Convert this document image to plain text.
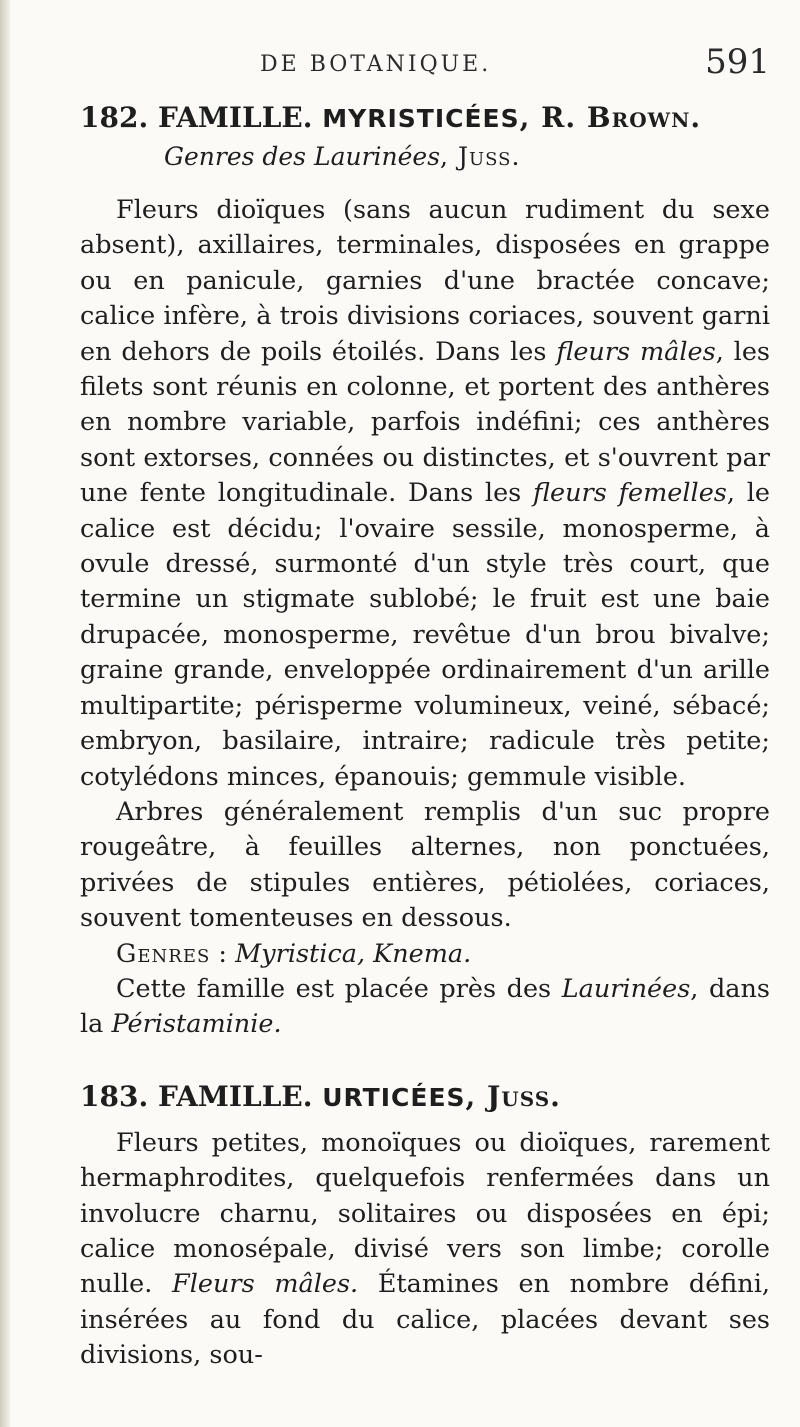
DE BOTANIQUE.	591
182. FAMILLE. MYRISTICÉES, R. Brown.
Genres des Laurinées, Juss.

Fleurs dioïques (sans aucun rudiment du sexe absent), axillaires, terminales, disposées en grappe ou en panicule, garnies d'une bractée concave; calice infère, à trois divisions coriaces, souvent garni en dehors de poils étoilés. Dans les fleurs mâles, les filets sont réunis en colonne, et portent des anthères en nombre variable, parfois indéfini; ces anthères sont extorses, connées ou distinctes, et s'ouvrent par une fente longitudinale. Dans les fleurs femelles, le calice est décidu; l'ovaire sessile, monosperme, à ovule dressé, surmonté d'un style très court, que termine un stigmate sublobé; le fruit est une baie drupacée, monosperme, revêtue d'un brou bivalve; graine grande, enveloppée ordinairement d'un arille multipartite; périsperme volumineux, veiné, sébacé; embryon, basilaire, intraire; radicule très petite; cotylédons minces, épanouis; gemmule visible.

Arbres généralement remplis d'un suc propre rougeâtre, à feuilles alternes, non ponctuées, privées de stipules entières, pétiolées, coriaces, souvent tomenteuses en dessous.

Genres : Myristica, Knema.

Cette famille est placée près des Laurinées, dans la Péristaminie.

183. FAMILLE. URTICÉES, Juss.

Fleurs petites, monoïques ou dioïques, rarement hermaphrodites, quelquefois renfermées dans un involucre charnu, solitaires ou disposées en épi; calice monosépale, divisé vers son limbe; corolle nulle. Fleurs mâles. Étamines en nombre défini, insérées au fond du calice, placées devant ses divisions, sou-
